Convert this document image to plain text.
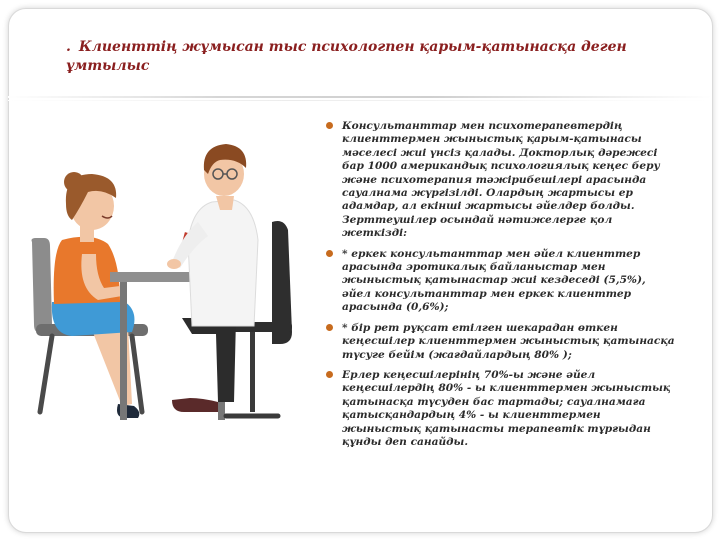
. Клиенттің жұмысан тыс психологпен қарым-қатынасқа деген ұмтылыс
Консультанттар мен психотерапевтердің клиенттермен жыныстық қарым-қатынасы мәселесі жиі үнсіз қалады. Докторлық дәрежесі бар 1000 американдық психологиялық кеңес беру және психотерапия тәжірибешілері арасында сауалнама жүргізілді. Олардың жартысы ер адамдар, ал екінші жартысы әйелдер болды. Зерттеушілер осындай нәтижелерге қол жеткізді:
* еркек консультанттар мен әйел клиенттер арасында эротикалық байланыстар мен жыныстық қатынастар жиі кездеседі (5,5%), әйел консультанттар мен еркек клиенттер арасында (0,6%);
* бір рет рұқсат етілген шекарадан өткен кеңесшілер клиенттермен жыныстық қатынасқа түсуге бейім (жағдайлардың 80% );
Ерлер кеңесшілерінің 70%-ы және әйел кеңесшілердің 80% - ы клиенттермен жыныстық қатынасқа түсуден бас тартады; сауалнамаға қатысқандардың 4% - ы клиенттермен жыныстық қатынасты терапевтік тұрғыдан құнды деп санайды.
